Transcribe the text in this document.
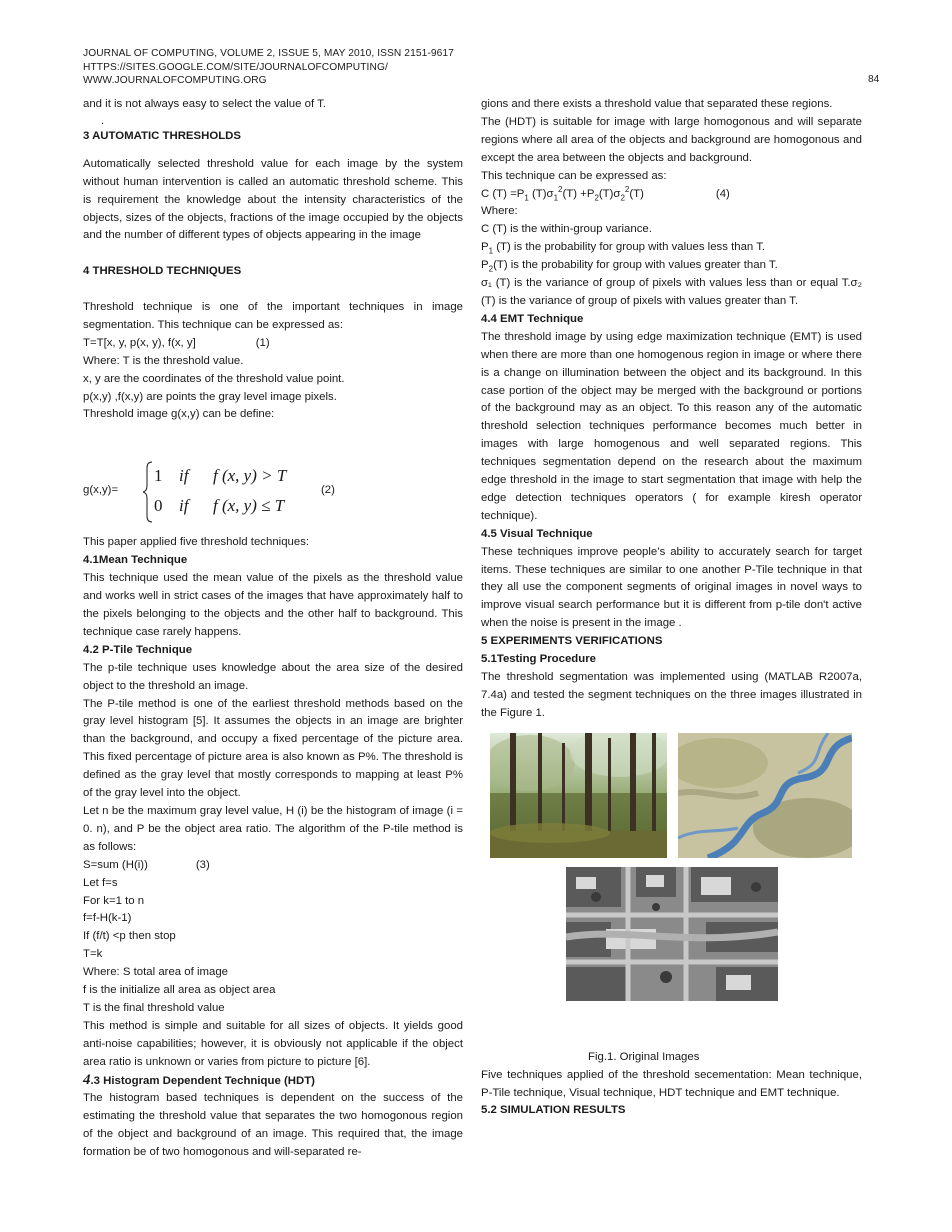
JOURNAL OF COMPUTING, VOLUME 2, ISSUE 5, MAY 2010, ISSN 2151-9617
HTTPS://SITES.GOOGLE.COM/SITE/JOURNALOFCOMPUTING/
WWW.JOURNALOFCOMPUTING.ORG	84

and it is not always easy to select the value of T.

.

3 AUTOMATIC THRESHOLDS

Automatically selected threshold value for each image by the system without human intervention is called an automatic threshold scheme. This is requirement the knowledge about the intensity characteristics of the objects, sizes of the objects, fractions of the image occupied by the objects and the number of different types of objects appearing in the image

4 THRESHOLD TECHNIQUES

Threshold technique is one of the important techniques in image segmentation. This technique can be expressed as:

T=T[x, y, p(x, y), f(x, y]	(1)

Where: T is the threshold value.

x, y are the coordinates of the threshold value point.

p(x,y) ,f(x,y) are points the gray level image pixels.

Threshold image g(x,y) can be define:

g(x,y)=
1 if f (x, y) > T
0 if f (x, y) ≤ T
(2)

This paper applied five threshold techniques:

4.1Mean Technique

This technique used the mean value of the pixels as the threshold value and works well in strict cases of the images that have approximately half to the pixels belonging to the objects and the other half to background. This technique case rarely happens.

4.2 P-Tile Technique

The p-tile technique uses knowledge about the area size of the desired object to the threshold an image.

The P-tile method is one of the earliest threshold methods based on the gray level histogram [5]. It assumes the objects in an image are brighter than the background, and occupy a fixed percentage of the picture area. This fixed percentage of picture area is also known as P%. The threshold is defined as the gray level that mostly corresponds to mapping at least P% of the gray level into the object.

Let n be the maximum gray level value, H (i) be the histogram of image (i = 0. n), and P be the object area ratio. The algorithm of the P-tile method is as follows:

S=sum (H(i))	(3)

Let f=s

For k=1 to n

f=f-H(k-1)

If (f/t) <p then stop

T=k

Where: S total area of image

f is the initialize all area as object area

T is the final threshold value

This method is simple and suitable for all sizes of objects. It yields good anti-noise capabilities; however, it is obviously not applicable if the object area ratio is unknown or varies from picture to picture [6].

4.3 Histogram Dependent Technique (HDT)

The histogram based techniques is dependent on the success of the estimating the threshold value that separates the two homogonous region of the object and background of an image. This required that, the image formation be of two homogonous and will-separated re-

gions and there exists a threshold value that separated these regions.

The (HDT) is suitable for image with large homogonous and will separate regions where all area of the objects and background are homogonous and except the area between the objects and background.

This technique can be expressed as:

C $(T) =P_1$ $(T)\sigma_1^2(T) +P_2(T)\sigma_2^2(T)$	(4)

Where:

C (T) is the within-group variance.

$P_1$ (T) is the probability for group with values less than T.

$P_2(T)$ is the probability for group with values greater than T.

σ₁ (T) is the variance of group of pixels with values less than or equal T.σ₂ (T) is the variance of group of pixels with values greater than T.

4.4 EMT Technique

The threshold image by using edge maximization technique (EMT) is used when there are more than one homogenous region in image or where there is a change on illumination between the object and its background. In this case portion of the object may be merged with the background or portions of the background may as an object. To this reason any of the automatic threshold selection techniques performance becomes much better in images with large homogenous and well separated regions. This techniques segmentation depend on the research about the maximum edge threshold in the image to start segmentation that image with help the edge detection techniques operators ( for example kiresh operator technique).

4.5 Visual Technique

These techniques improve people’s ability to accurately search for target items. These techniques are similar to one another P-Tile technique in that they all use the component segments of original images in novel ways to improve visual search performance but it is different from p-tile don't active when the noise is present in the image .

5 EXPERIMENTS VERIFICATIONS

5.1Testing Procedure

The threshold segmentation was implemented using (MATLAB R2007a, 7.4a) and tested the segment techniques on the three images illustrated in the Figure 1.

Fig.1. Original Images

Five techniques applied of the threshold secementation: Mean technique, P-Tile technique, Visual technique, HDT technique and EMT technique.

5.2 SIMULATION RESULTS
